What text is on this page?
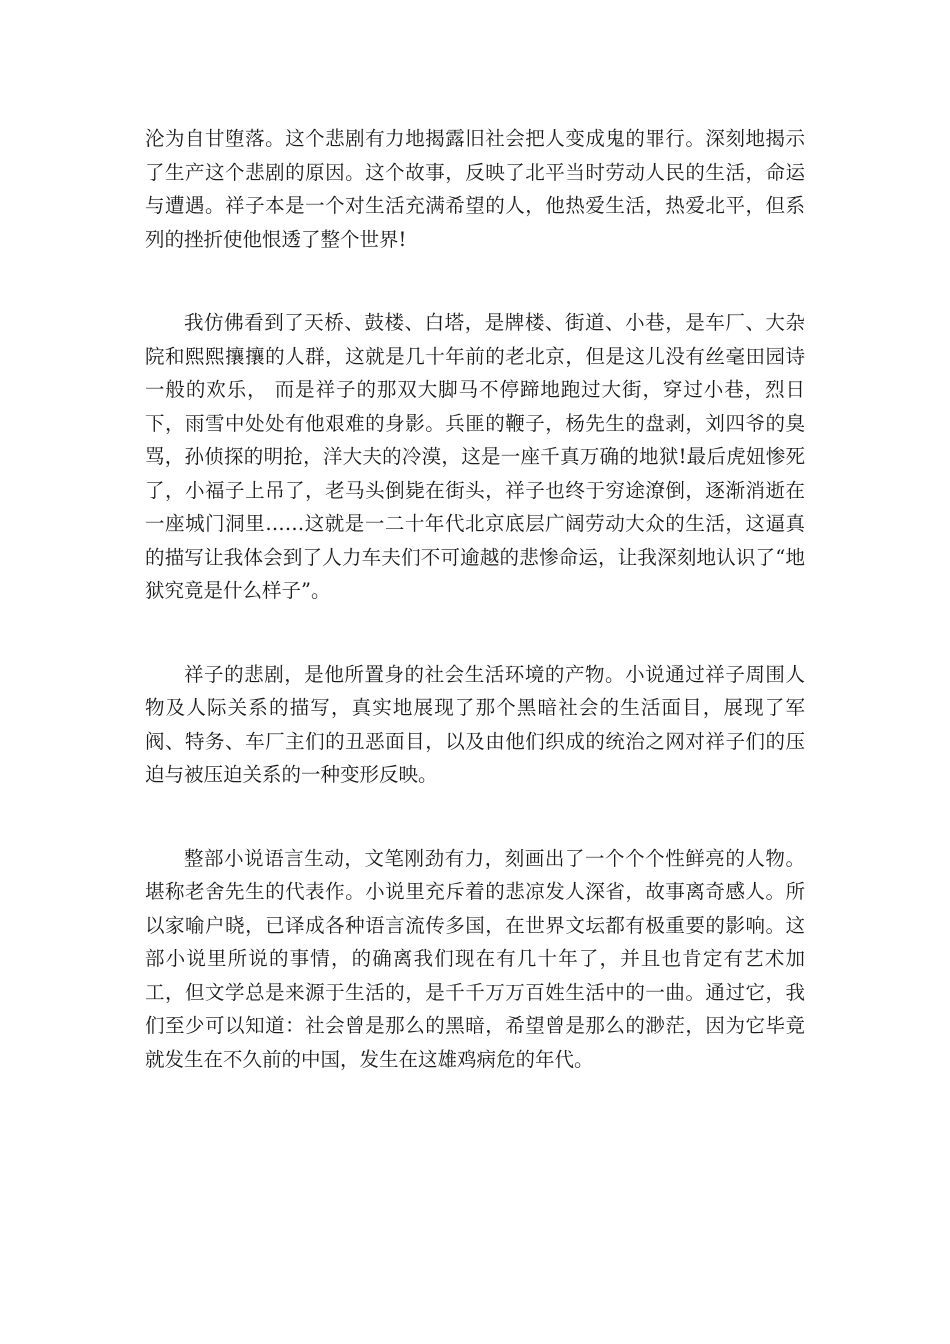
沦为自甘堕落。这个悲剧有力地揭露旧社会把人变成鬼的罪行。深刻地揭示了生产这个悲剧的原因。这个故事，反映了北平当时劳动人民的生活，命运与遭遇。祥子本是一个对生活充满希望的人，他热爱生活，热爱北平，但系列的挫折使他恨透了整个世界!

我仿佛看到了天桥、鼓楼、白塔，是牌楼、街道、小巷，是车厂、大杂院和熙熙攘攘的人群，这就是几十年前的老北京，但是这儿没有丝毫田园诗一般的欢乐， 而是祥子的那双大脚马不停蹄地跑过大街，穿过小巷，烈日下，雨雪中处处有他艰难的身影。兵匪的鞭子，杨先生的盘剥，刘四爷的臭骂，孙侦探的明抢，洋大夫的冷漠，这是一座千真万确的地狱!最后虎妞惨死了，小福子上吊了，老马头倒毙在街头，祥子也终于穷途潦倒，逐渐消逝在一座城门洞里……这就是一二十年代北京底层广阔劳动大众的生活，这逼真的描写让我体会到了人力车夫们不可逾越的悲惨命运，让我深刻地认识了“地狱究竟是什么样子”。

祥子的悲剧，是他所置身的社会生活环境的产物。小说通过祥子周围人物及人际关系的描写，真实地展现了那个黑暗社会的生活面目，展现了军阀、特务、车厂主们的丑恶面目，以及由他们织成的统治之网对祥子们的压迫与被压迫关系的一种变形反映。

整部小说语言生动，文笔刚劲有力，刻画出了一个个个性鲜亮的人物。堪称老舍先生的代表作。小说里充斥着的悲凉发人深省，故事离奇感人。所以家喻户晓，已译成各种语言流传多国，在世界文坛都有极重要的影响。这部小说里所说的事情，的确离我们现在有几十年了，并且也肯定有艺术加工，但文学总是来源于生活的，是千千万万百姓生活中的一曲。通过它，我们至少可以知道：社会曾是那么的黑暗，希望曾是那么的渺茫，因为它毕竟就发生在不久前的中国，发生在这雄鸡病危的年代。
